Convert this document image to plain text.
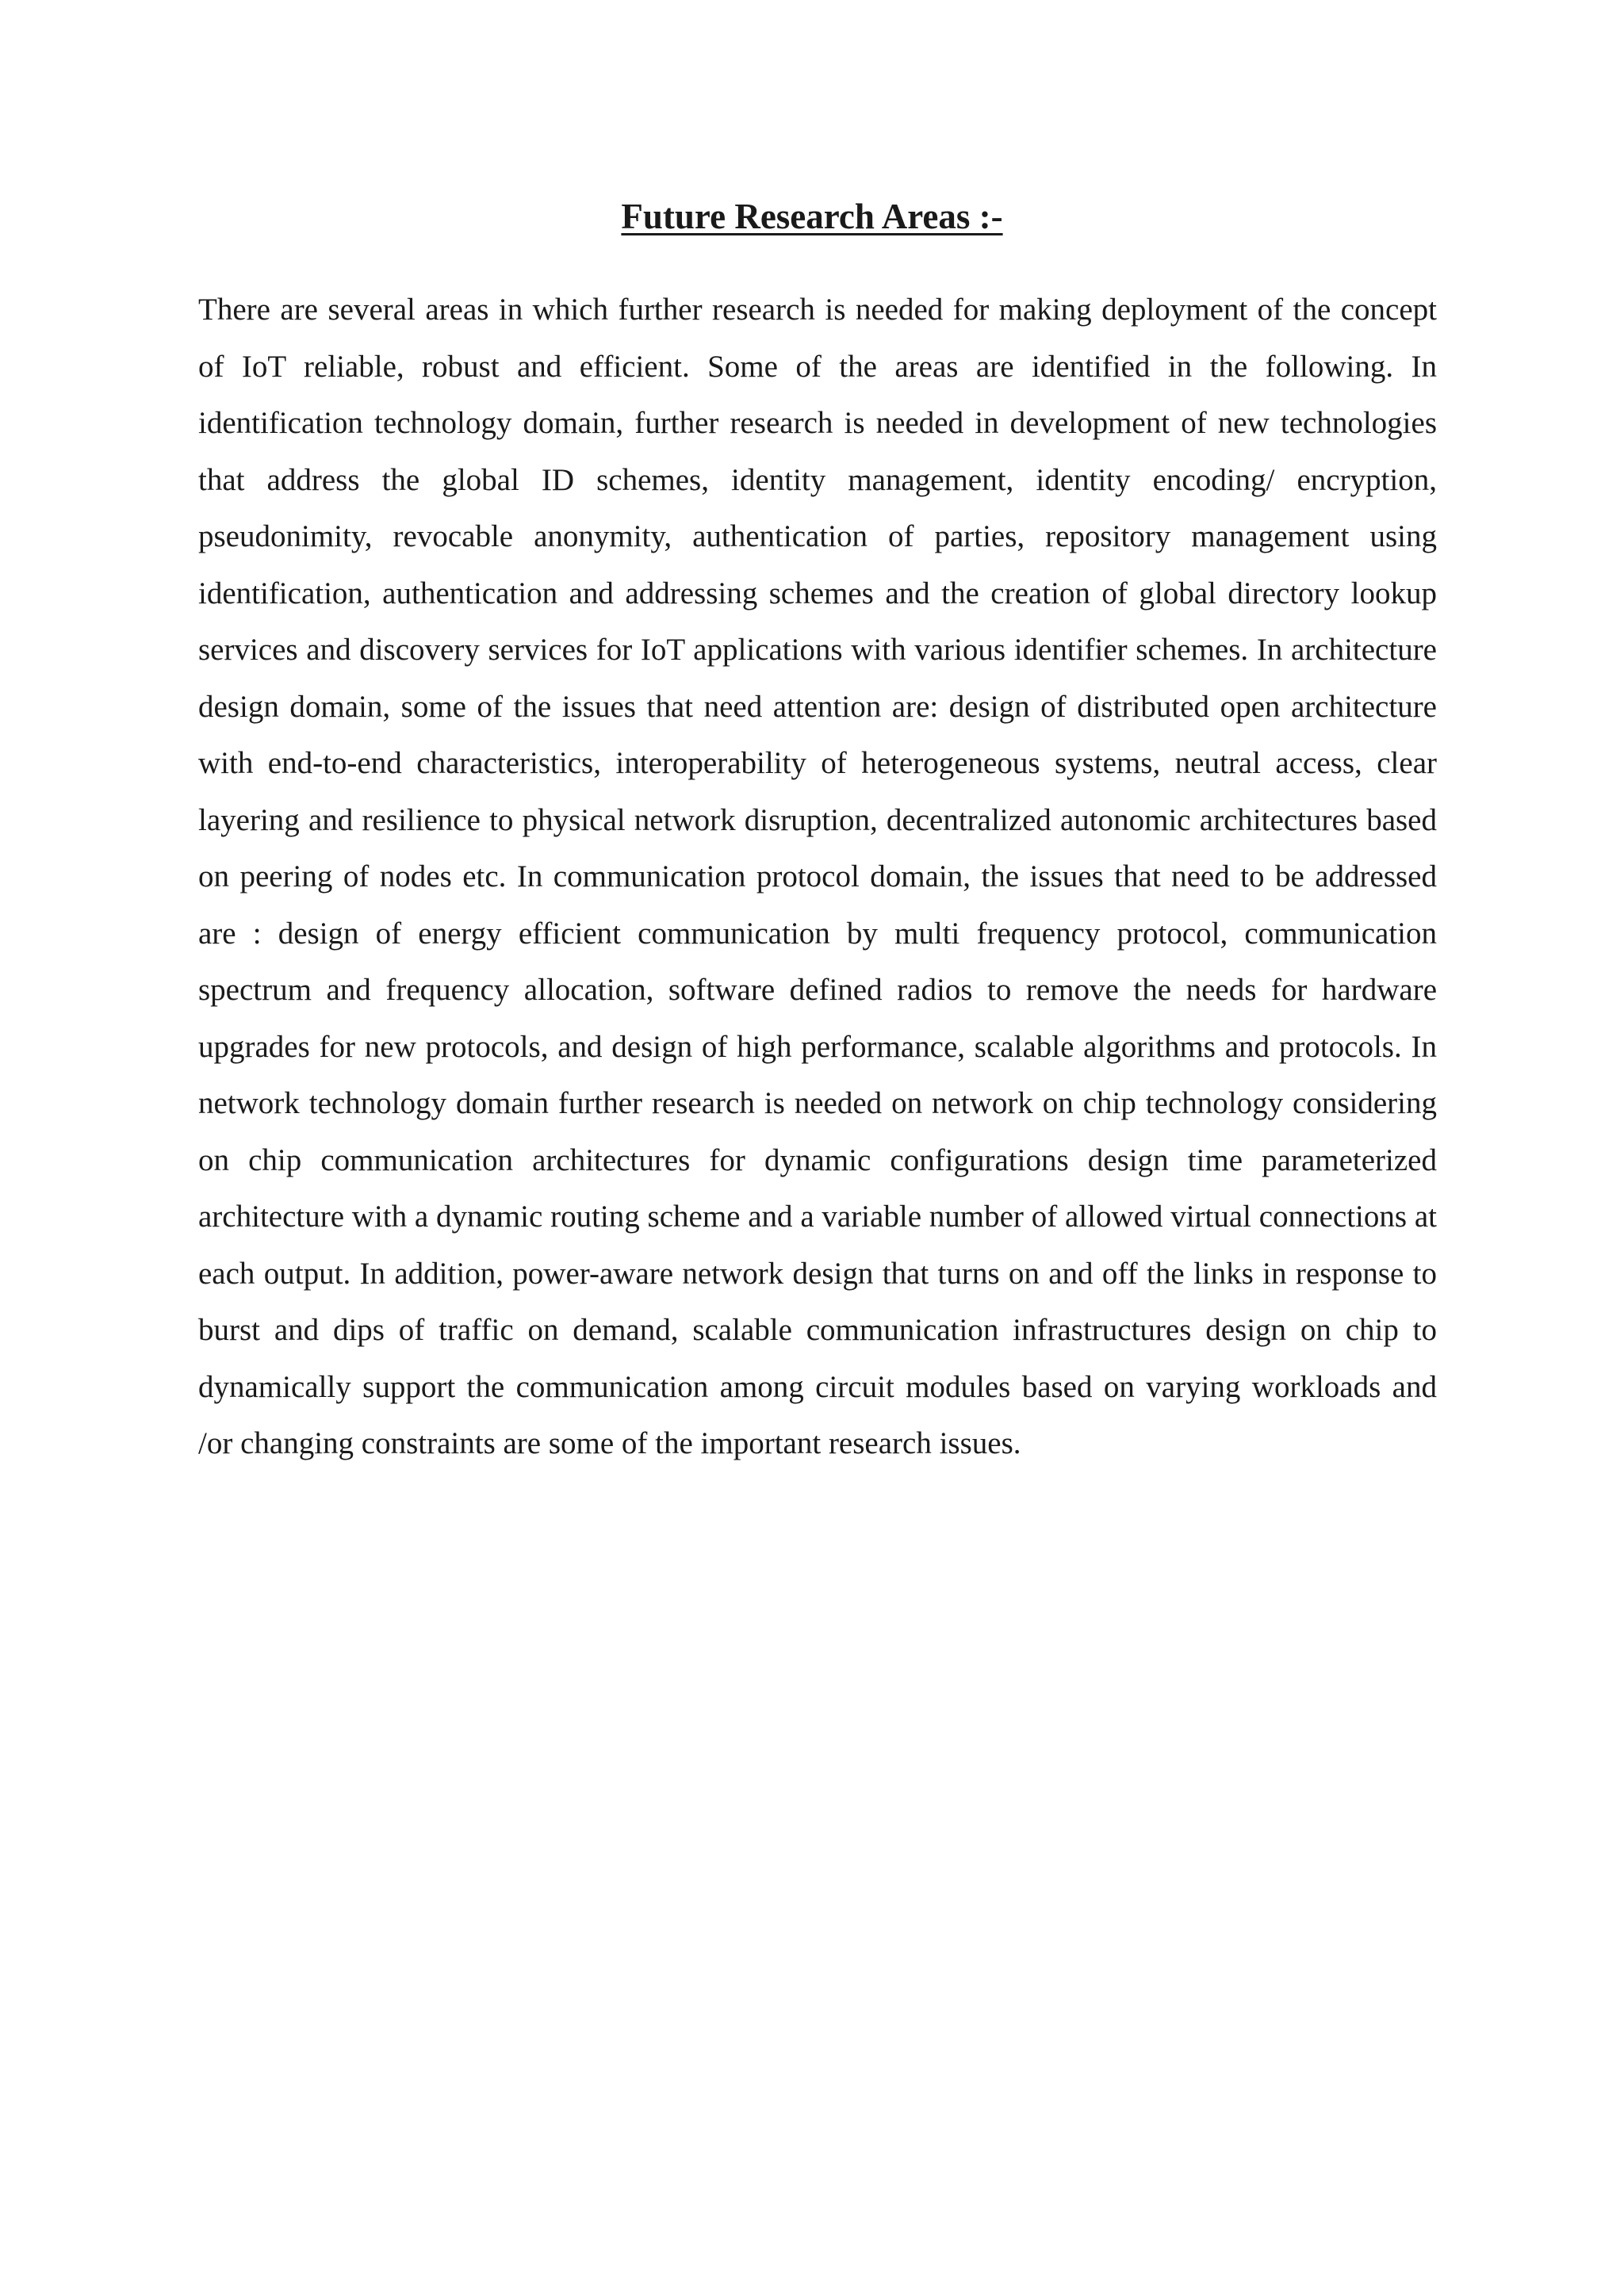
Future Research Areas :-

There are several areas in which further research is needed for making deployment of the concept of IoT reliable, robust and efficient. Some of the areas are identified in the following. In identification technology domain, further research is needed in development of new technologies that address the global ID schemes, identity management, identity encoding/ encryption, pseudonimity, revocable anonymity, authentication of parties, repository management using identification, authentication and addressing schemes and the creation of global directory lookup services and discovery services for IoT applications with various identifier schemes. In architecture design domain, some of the issues that need attention are: design of distributed open architecture with end-to-end characteristics, interoperability of heterogeneous systems, neutral access, clear layering and resilience to physical network disruption, decentralized autonomic architectures based on peering of nodes etc. In communication protocol domain, the issues that need to be addressed are : design of energy efficient communication by multi frequency protocol, communication spectrum and frequency allocation, software defined radios to remove the needs for hardware upgrades for new protocols, and design of high performance, scalable algorithms and protocols. In network technology domain further research is needed on network on chip technology considering on chip communication architectures for dynamic configurations design time parameterized architecture with a dynamic routing scheme and a variable number of allowed virtual connections at each output. In addition, power-aware network design that turns on and off the links in response to burst and dips of traffic on demand, scalable communication infrastructures design on chip to dynamically support the communication among circuit modules based on varying workloads and /or changing constraints are some of the important research issues.
